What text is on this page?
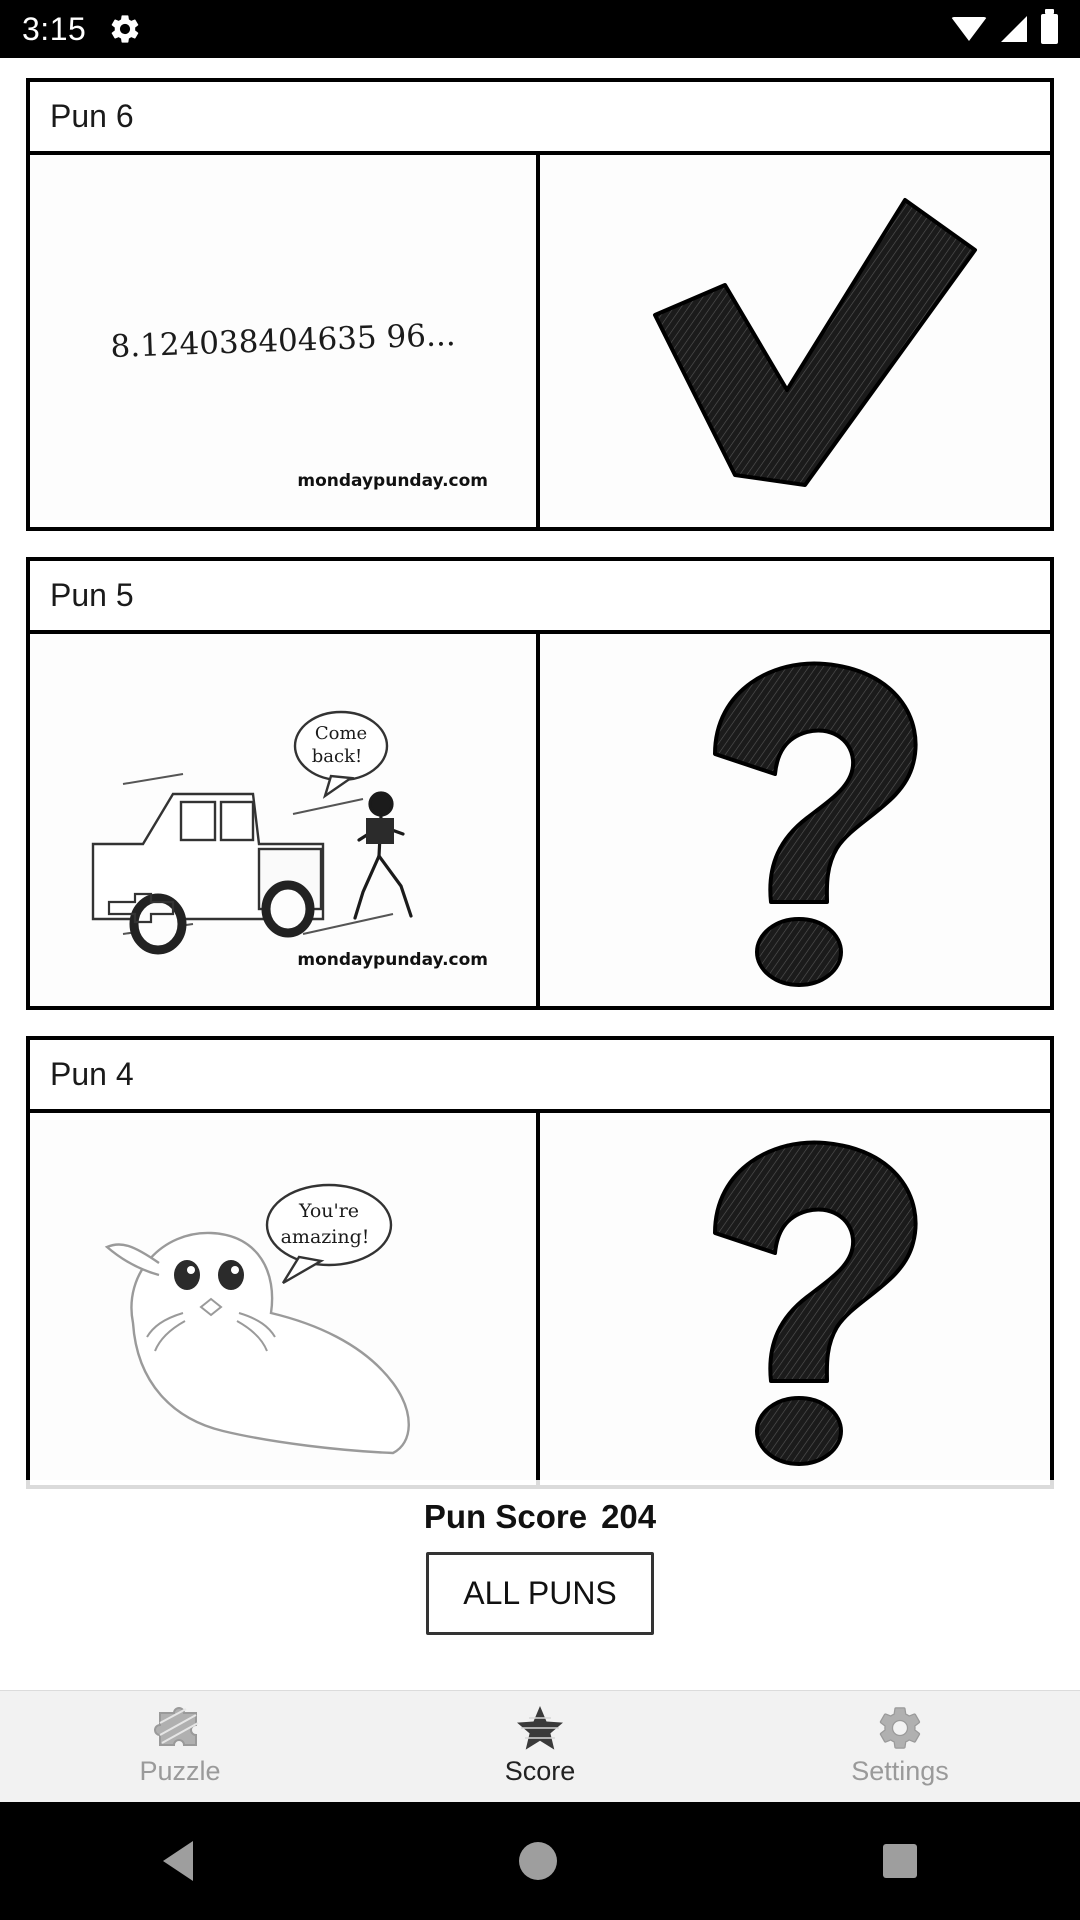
3:15
Pun 6
8.124038404635 96...
mondaypunday.com
Pun 5
Come
back!
mondaypunday.com
Pun 4
You're
amazing!
Pun Score 204
ALL PUNS
Puzzle	Score	Settings
